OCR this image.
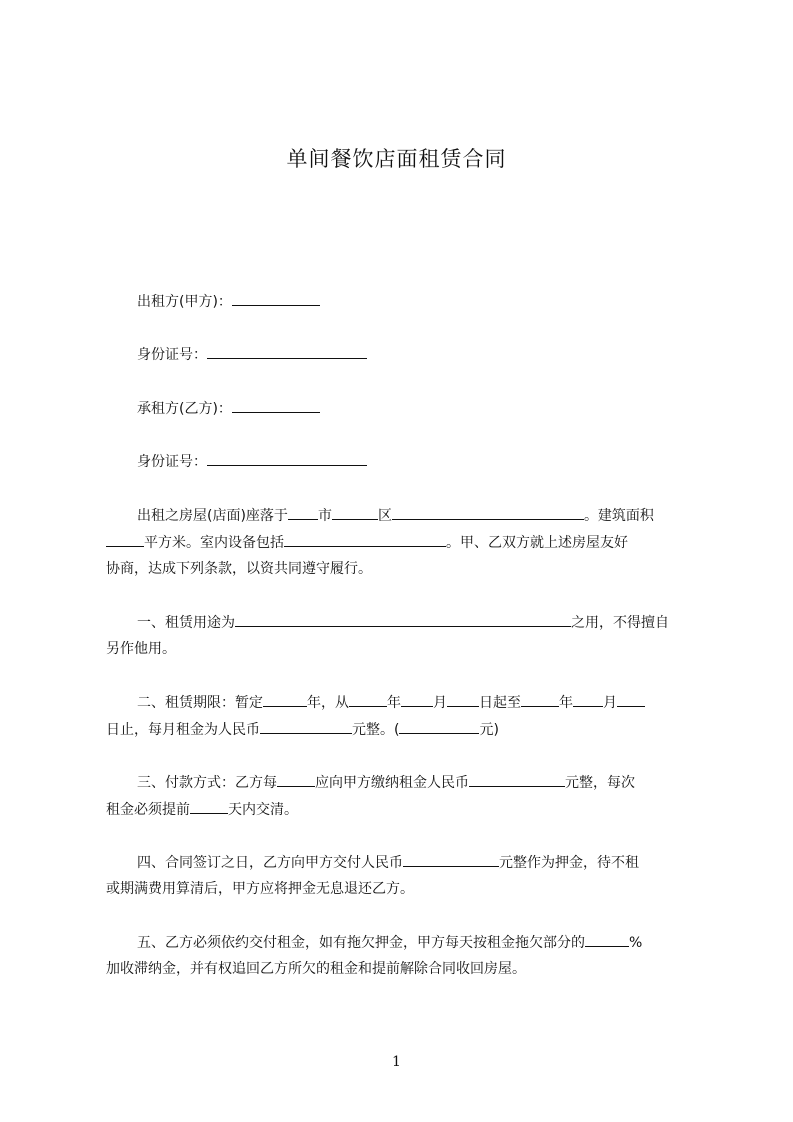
单间餐饮店面租赁合同
出租方(甲方)：
身份证号：
承租方(乙方)：
身份证号：
出租之房屋(店面)座落于 市	区	。建筑面积
平方米。室内设备包括	。甲、乙双方就上述房屋友好
协商，达成下列条款，以资共同遵守履行。
一、租赁用途为	之用，不得擅自
另作他用。
二、租赁期限：暂定	年，从	年 月 日起至	年 月
日止，每月租金为人民币	元整。(	元)
三、付款方式：乙方每	应向甲方缴纳租金人民币	元整，每次
租金必须提前	天内交清。
四、合同签订之日，乙方向甲方交付人民币	元整作为押金，待不租
或期满费用算清后，甲方应将押金无息退还乙方。
五、乙方必须依约交付租金，如有拖欠押金，甲方每天按租金拖欠部分的	%
加收滞纳金，并有权追回乙方所欠的租金和提前解除合同收回房屋。
1
